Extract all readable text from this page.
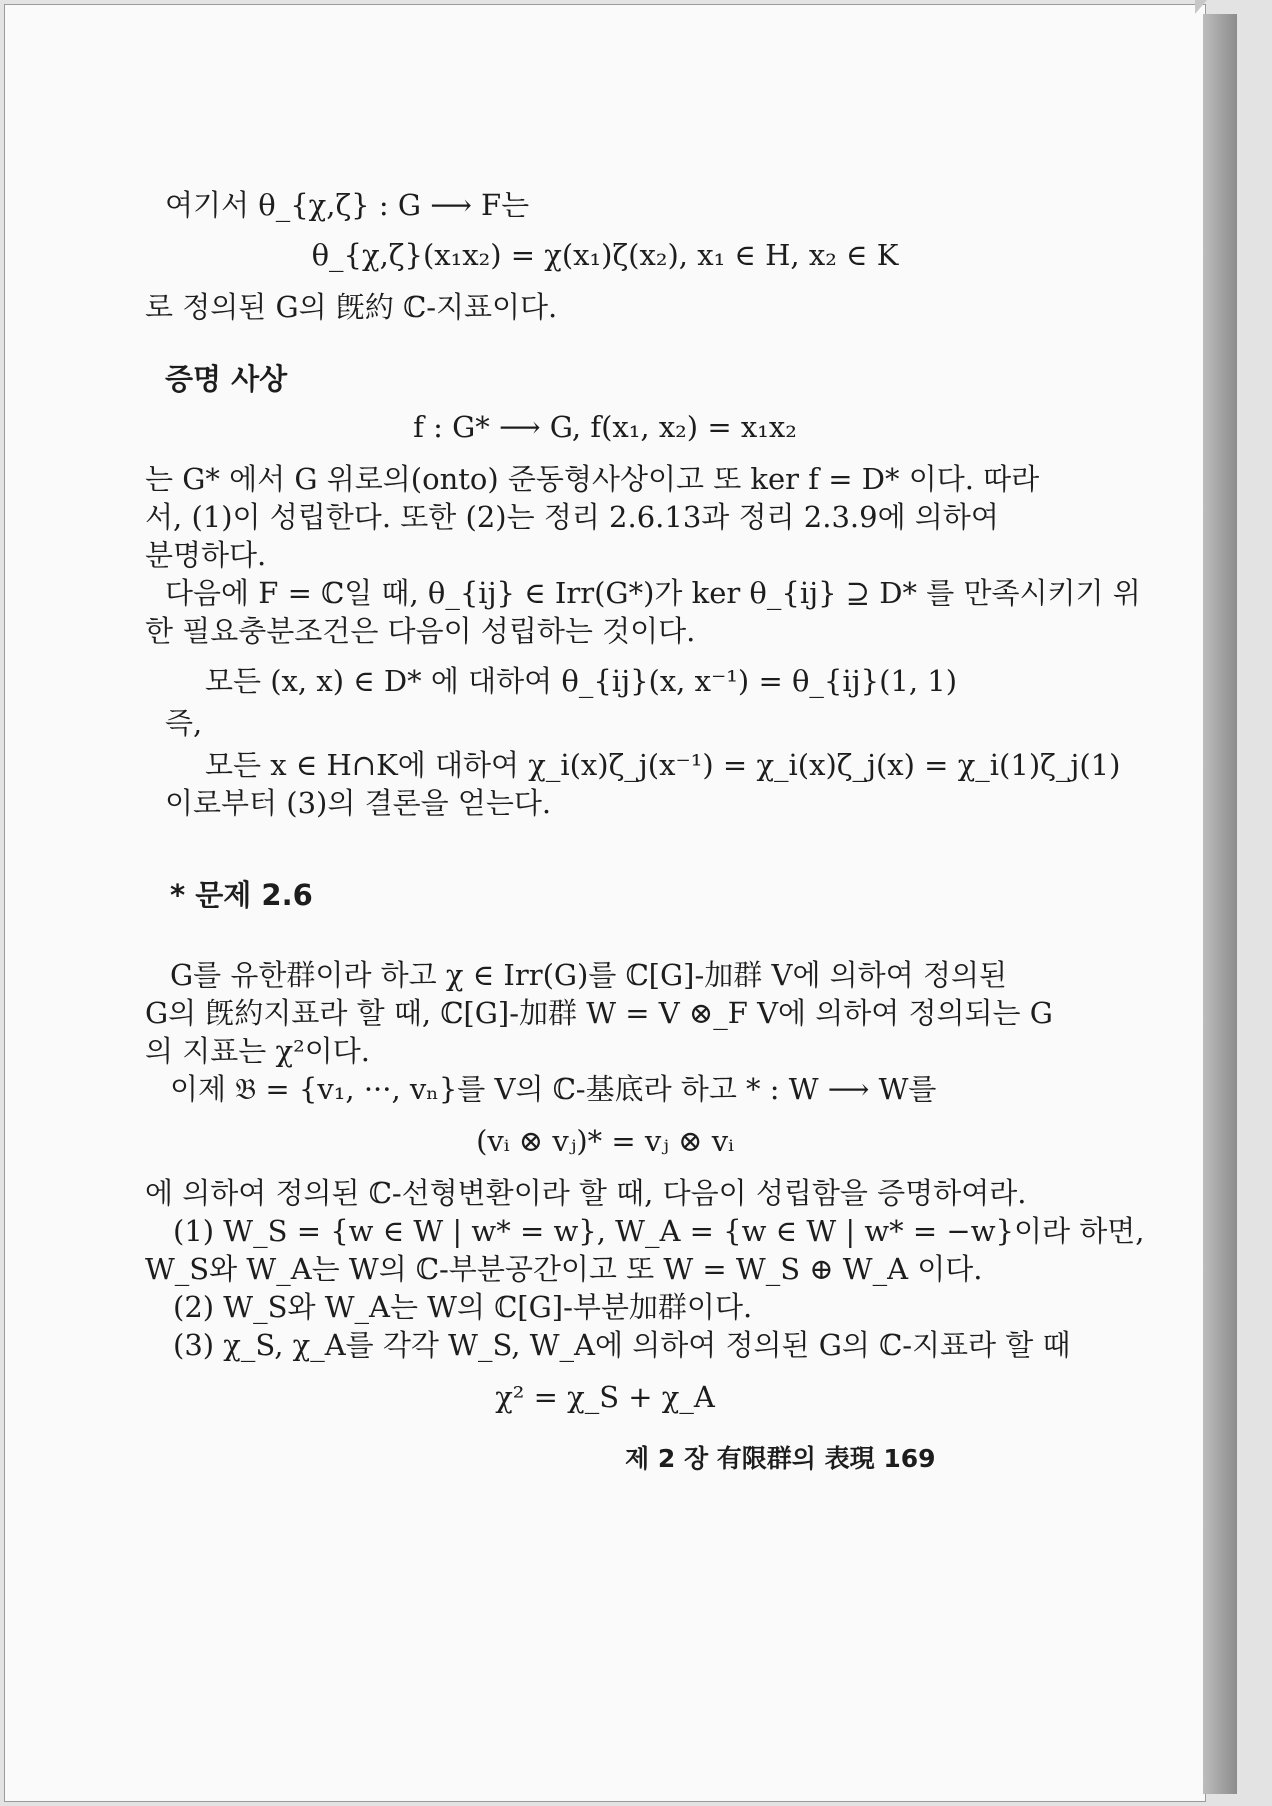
여기서 θ_{χ,ζ} : G ⟶ F는
θ_{χ,ζ}(x₁x₂) = χ(x₁)ζ(x₂), x₁ ∈ H, x₂ ∈ K
로 정의된 G의 旣約 ℂ-지표이다.
증명 사상
f : G* ⟶ G, f(x₁, x₂) = x₁x₂
는 G* 에서 G 위로의(onto) 준동형사상이고 또 ker f = D* 이다. 따라
서, (1)이 성립한다. 또한 (2)는 정리 2.6.13과 정리 2.3.9에 의하여
분명하다.
다음에 F = ℂ일 때, θ_{ij} ∈ Irr(G*)가 ker θ_{ij} ⊇ D* 를 만족시키기 위
한 필요충분조건은 다음이 성립하는 것이다.
모든 (x, x) ∈ D* 에 대하여 θ_{ij}(x, x⁻¹) = θ_{ij}(1, 1)
즉,
모든 x ∈ H∩K에 대하여 χ_i(x)ζ_j(x⁻¹) = χ_i(x)ζ_j(x) = χ_i(1)ζ_j(1)
이로부터 (3)의 결론을 얻는다.
* 문제 2.6
G를 유한群이라 하고 χ ∈ Irr(G)를 ℂ[G]-加群 V에 의하여 정의된
G의 旣約지표라 할 때, ℂ[G]-加群 W = V ⊗_F V에 의하여 정의되는 G
의 지표는 χ²이다.
이제 𝔅 = {v₁, ···, vₙ}를 V의 ℂ-基底라 하고 * : W ⟶ W를
(vᵢ ⊗ vⱼ)* = vⱼ ⊗ vᵢ
에 의하여 정의된 ℂ-선형변환이라 할 때, 다음이 성립함을 증명하여라.
(1) W_S = {w ∈ W | w* = w}, W_A = {w ∈ W | w* = −w}이라 하면,
W_S와 W_A는 W의 ℂ-부분공간이고 또 W = W_S ⊕ W_A 이다.
(2) W_S와 W_A는 W의 ℂ[G]-부분加群이다.
(3) χ_S, χ_A를 각각 W_S, W_A에 의하여 정의된 G의 ℂ-지표라 할 때
χ² = χ_S + χ_A
제 2 장 有限群의 表現 169
